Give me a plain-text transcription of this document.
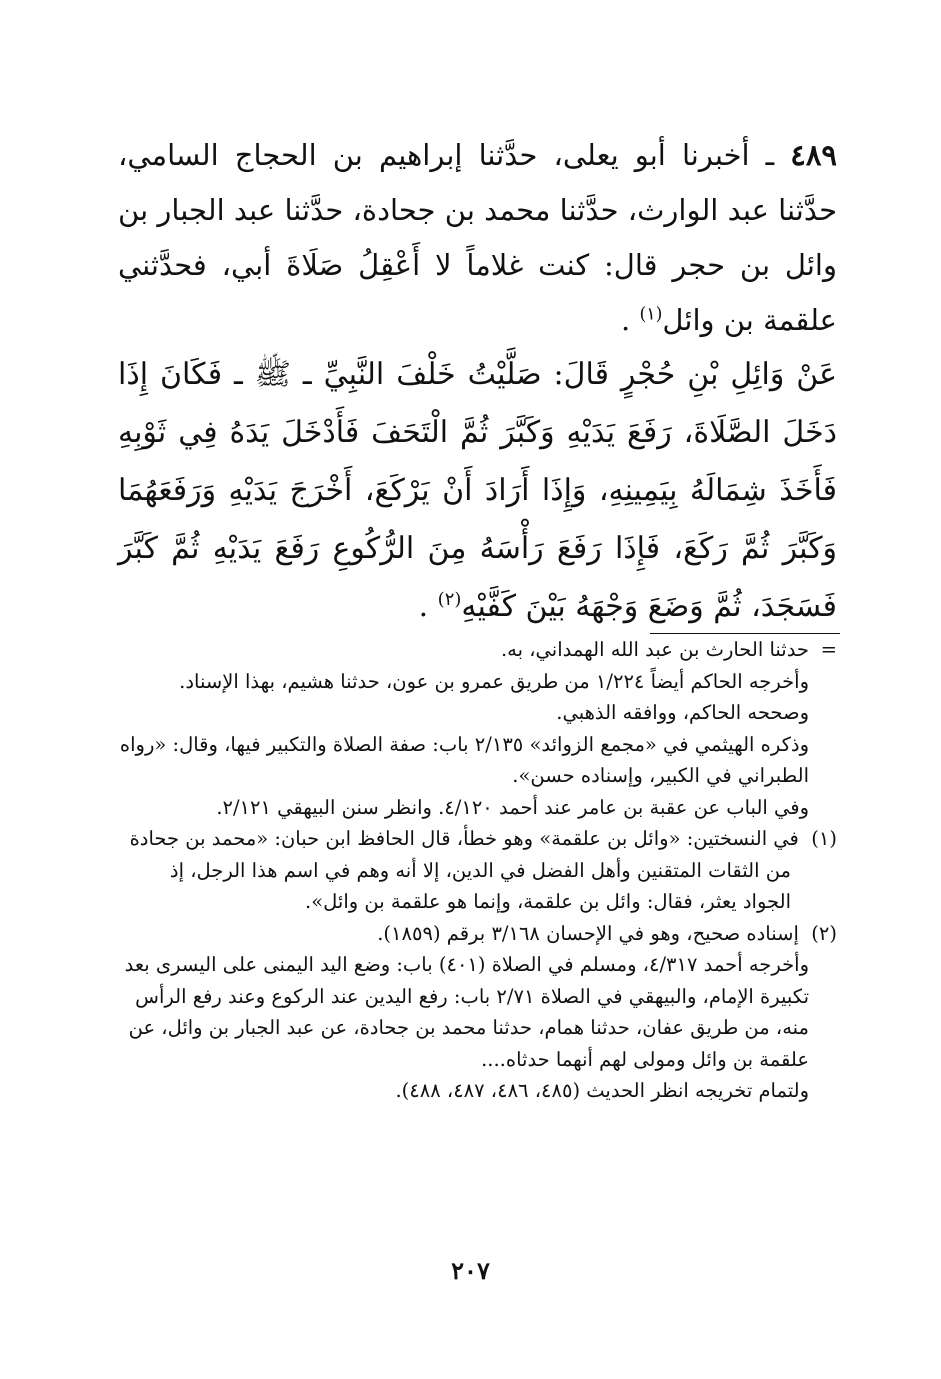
٤٨٩ ـ أخبرنا أبو يعلى، حدَّثنا إبراهيم بن الحجاج السامي، حدَّثنا عبد الوارث، حدَّثنا محمد بن جحادة، حدَّثنا عبد الجبار بن وائل بن حجر قال: كنت غلاماً لا أَعْقِلُ صَلَاةَ أبي، فحدَّثني علقمة بن وائل$^{(١)}$ .

عَنْ وَائِلِ بْنِ حُجْرٍ قَالَ: صَلَّيْتُ خَلْفَ النَّبِيِّ ـ ﷺ ـ فَكَانَ إِذَا دَخَلَ الصَّلَاةَ، رَفَعَ يَدَيْهِ وَكَبَّرَ ثُمَّ الْتَحَفَ فَأَدْخَلَ يَدَهُ فِي ثَوْبِهِ فَأَخَذَ شِمَالَهُ بِيَمِينِهِ، وَإِذَا أَرَادَ أَنْ يَرْكَعَ، أَخْرَجَ يَدَيْهِ وَرَفَعَهُمَا وَكَبَّرَ ثُمَّ رَكَعَ، فَإِذَا رَفَعَ رَأْسَهُ مِنَ الرُّكُوعِ رَفَعَ يَدَيْهِ ثُمَّ كَبَّرَ فَسَجَدَ، ثُمَّ وَضَعَ وَجْهَهُ بَيْنَ كَفَّيْهِ$^{(٢)}$ .

=حدثنا الحارث بن عبد الله الهمداني، به.

وأخرجه الحاكم أيضاً ١/٢٢٤ من طريق عمرو بن عون، حدثنا هشيم، بهذا الإسناد. وصححه الحاكم، ووافقه الذهبي.

وذكره الهيثمي في «مجمع الزوائد» ٢/١٣٥ باب: صفة الصلاة والتكبير فيها، وقال: «رواه الطبراني في الكبير، وإسناده حسن».

وفي الباب عن عقبة بن عامر عند أحمد ٤/١٢٠. وانظر سنن البيهقي ٢/١٢١.

(١)  في النسختين: «وائل بن علقمة» وهو خطأ، قال الحافظ ابن حبان: «محمد بن جحادة من الثقات المتقنين وأهل الفضل في الدين، إلا أنه وهم في اسم هذا الرجل، إذ الجواد يعثر، فقال: وائل بن علقمة، وإنما هو علقمة بن وائل».

(٢)  إسناده صحيح، وهو في الإحسان ٣/١٦٨ برقم (١٨٥٩).

وأخرجه أحمد ٤/٣١٧، ومسلم في الصلاة (٤٠١) باب: وضع اليد اليمنى على اليسرى بعد تكبيرة الإمام، والبيهقي في الصلاة ٢/٧١ باب: رفع اليدين عند الركوع وعند رفع الرأس منه، من طريق عفان، حدثنا همام، حدثنا محمد بن جحادة، عن عبد الجبار بن وائل، عن علقمة بن وائل ومولى لهم أنهما حدثاه....

ولتمام تخريجه انظر الحديث (٤٨٥، ٤٨٦، ٤٨٧، ٤٨٨).

٢٠٧
